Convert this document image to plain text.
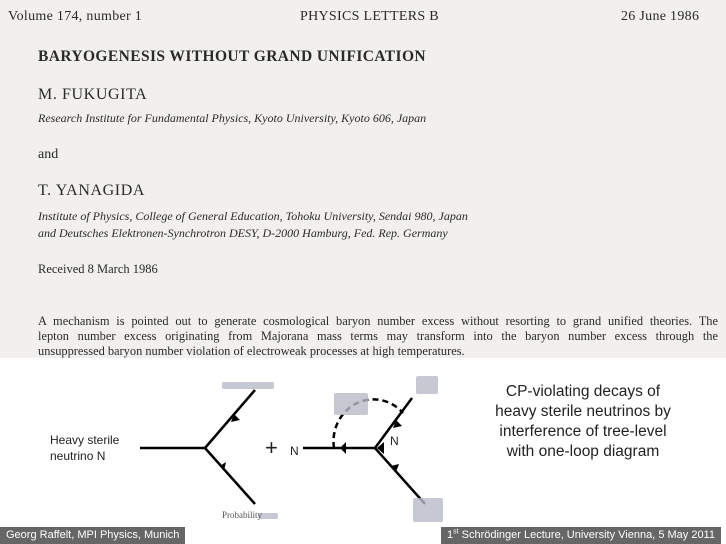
Volume 174, number 1	PHYSICS LETTERS B	26 June 1986
BARYOGENESIS WITHOUT GRAND UNIFICATION
M. FUKUGITA
Research Institute for Fundamental Physics, Kyoto University, Kyoto 606, Japan
and
T. YANAGIDA
Institute of Physics, College of General Education, Tohoku University, Sendai 980, Japan
and Deutsches Elektronen-Synchrotron DESY, D-2000 Hamburg, Fed. Rep. Germany
Received 8 March 1986
A mechanism is pointed out to generate cosmological baryon number excess without resorting to grand unified theories. The
lepton number excess originating from Majorana mass terms may transform into the baryon number excess through the
unsuppressed baryon number violation of electroweak processes at high temperatures.
Probability
Heavy sterile
neutrino N	+ N
N
CP-violating decays of
heavy sterile neutrinos by
interference of tree-level
with one-loop diagram
Georg Raffelt, MPI Physics, Munich	1st Schrödinger Lecture, University Vienna, 5 May 2011
